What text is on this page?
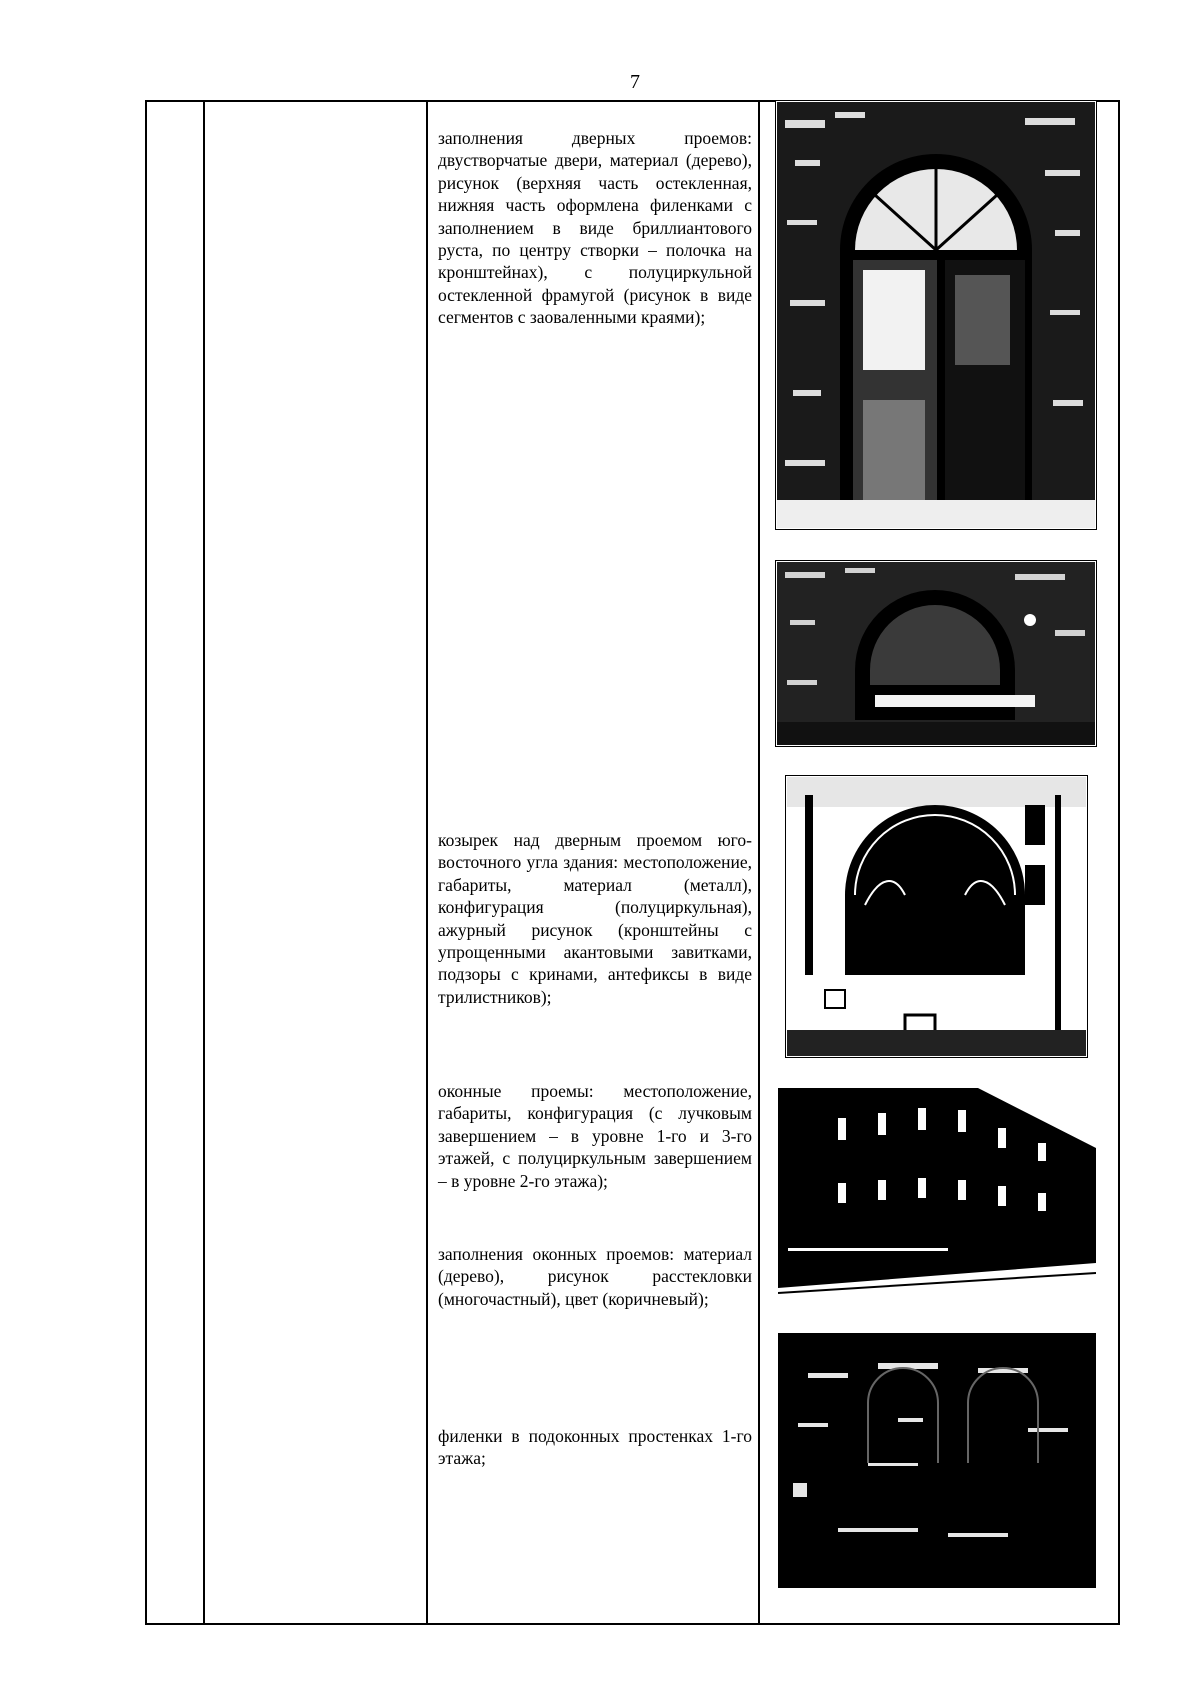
7
заполнения дверных проемов: двустворчатые двери, материал (дерево), рисунок (верхняя часть остекленная, нижняя часть оформлена филенками с заполнением в виде бриллиантового руста, по центру створки – полочка на кронштейнах), с полуциркульной остекленной фрамугой (рисунок в виде сегментов с заоваленными краями);
козырек над дверным проемом юго-восточного угла здания: местоположение, габариты, материал (металл), конфигурация (полуциркульная), ажурный рисунок (кронштейны с упрощенными акантовыми завитками, подзоры с кринами, антефиксы в виде трилистников);
оконные проемы: местоположение, габариты, конфигурация (с лучковым завершением – в уровне 1-го и 3-го этажей, с полуциркульным завершением – в уровне 2-го этажа);
заполнения оконных проемов: материал (дерево), рисунок расстекловки (многочастный), цвет (коричневый);
филенки в подоконных простенках 1-го этажа;
